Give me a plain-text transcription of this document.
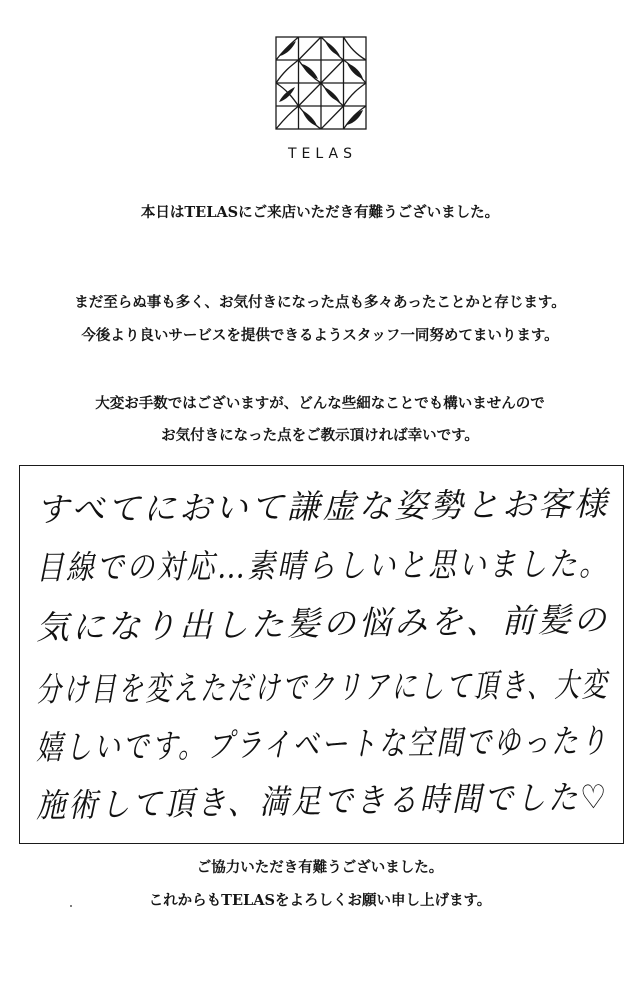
TELAS
本日はTELASにご来店いただき有難うございました。
まだ至らぬ事も多く、お気付きになった点も多々あったことかと存じます。
今後より良いサービスを提供できるようスタッフ一同努めてまいります。
大変お手数ではございますが、どんな些細なことでも構いませんので
お気付きになった点をご教示頂ければ幸いです。
すべてにおいて謙虚な姿勢とお客様
目線での対応…素晴らしいと思いました。
気になり出した髪の悩みを、前髪の
分け目を変えただけでクリアにして頂き、大変
嬉しいです。プライベートな空間でゆったり
施術して頂き、満足できる時間でした♡
ご協力いただき有難うございました。
これからもTELASをよろしくお願い申し上げます。
